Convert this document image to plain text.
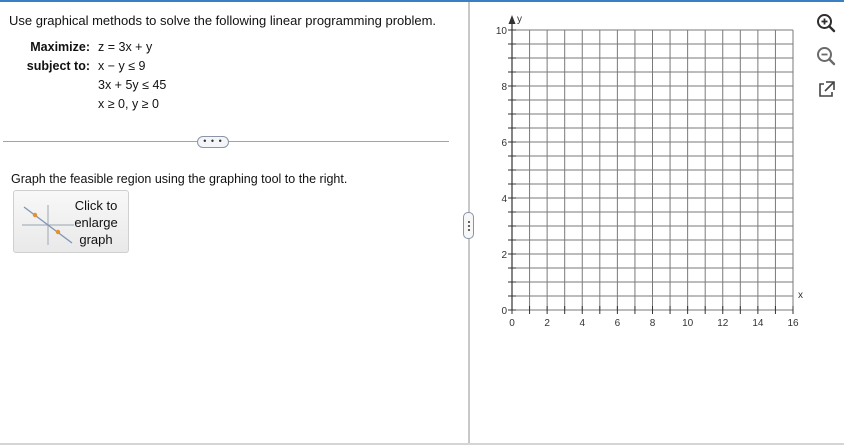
Use graphical methods to solve the following linear programming problem.
Maximize: z = 3x + y
subject to: x − y ≤ 9
3x + 5y ≤ 45
x ≥ 0, y ≥ 0
• • •
Graph the feasible region using the graphing tool to the right.
Click to
enlarge
graph
0	2	4	6	8	10 12 14 16
0
2
4
6
8
10
y
x
